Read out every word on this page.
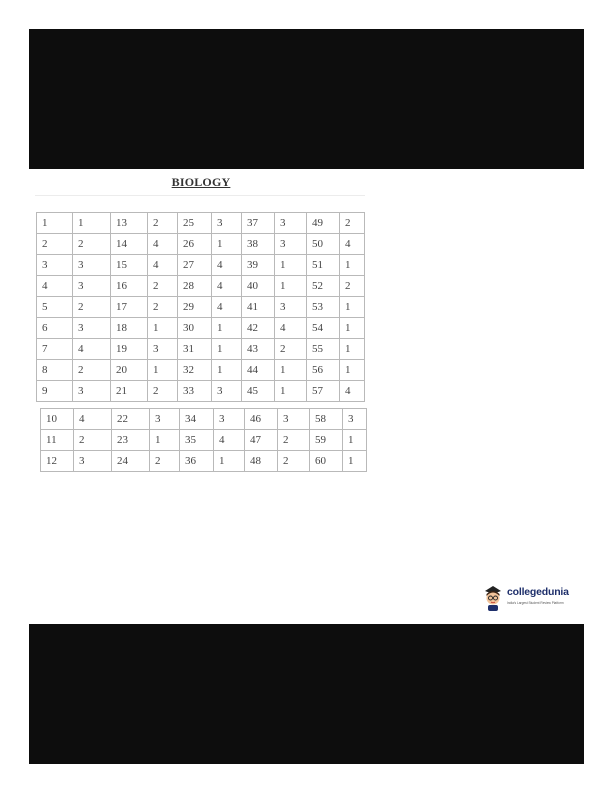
BIOLOGY
1	1	13	2	25	3	37	3	49	2
2	2	14	4	26	1	38	3	50	4
3	3	15	4	27	4	39	1	51	1
4	3	16	2	28	4	40	1	52	2
5	2	17	2	29	4	41	3	53	1
6	3	18	1	30	1	42	4	54	1
7	4	19	3	31	1	43	2	55	1
8	2	20	1	32	1	44	1	56	1
9	3	21	2	33	3	45	1	57	4
10	4	22	3	34	3	46	3	58	3
11	2	23	1	35	4	47	2	59	1
12	3	24	2	36	1	48	2	60	1
collegedunia
India's Largest Student Review Platform
